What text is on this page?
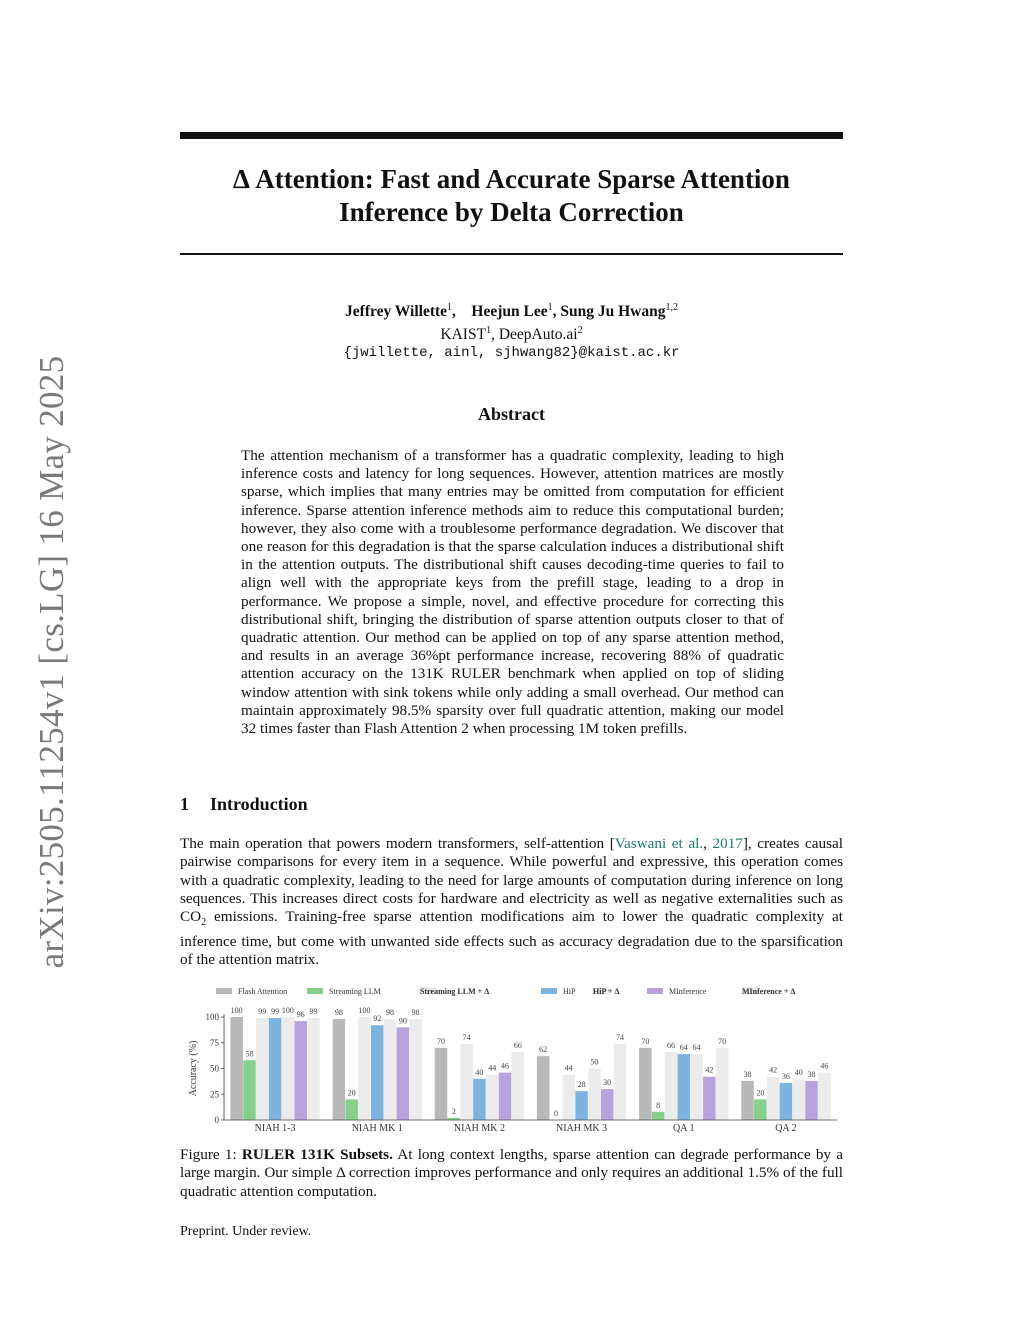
arXiv:2505.11254v1 [cs.LG] 16 May 2025
Δ Attention: Fast and Accurate Sparse Attention
Inference by Delta Correction
Jeffrey Willette$^1$,    Heejun Lee$^1$, Sung Ju Hwang$^{1,2}$
KAIST$^1$, $DeepAuto.ai^2$
{jwillette, ainl, sjhwang82}@kaist.ac.kr
Abstract
The attention mechanism of a transformer has a quadratic complexity, leading to high inference costs and latency for long sequences. However, attention matrices are mostly sparse, which implies that many entries may be omitted from computation for efficient inference. Sparse attention inference methods aim to reduce this computational burden; however, they also come with a troublesome performance degradation. We discover that one reason for this degradation is that the sparse calculation induces a distributional shift in the attention outputs. The distributional shift causes decoding-time queries to fail to align well with the appropriate keys from the prefill stage, leading to a drop in performance. We propose a simple, novel, and effective procedure for correcting this distributional shift, bringing the distribution of sparse attention outputs closer to that of quadratic attention. Our method can be applied on top of any sparse attention method, and results in an average 36%pt performance increase, recovering 88% of quadratic attention accuracy on the 131K RULER benchmark when applied on top of sliding window attention with sink tokens while only adding a small overhead. Our method can maintain approximately 98.5% sparsity over full quadratic attention, making our model 32 times faster than Flash Attention 2 when processing 1M token prefills.
1 Introduction
The main operation that powers modern transformers, self-attention [Vaswani et al., 2017], creates causal pairwise comparisons for every item in a sequence. While powerful and expressive, this operation comes with a quadratic complexity, leading to the need for large amounts of computation during inference on long sequences. This increases direct costs for hardware and electricity as well as negative externalities such as $CO_2$ emissions. Training-free sparse attention modifications aim to lower the quadratic complexity at inference time, but come with unwanted side effects such as accuracy degradation due to the sparsification of the attention matrix.
Flash Attention	Streaming LLM	Streaming LLM + Δ	HiP HiP + Δ	MInference	MInference + Δ
0
25
50
75
100
Accuracy (%)
100
58
99 99 100 96 99
NIAH 1-3
98
20
100
92
98
90
98
NIAH MK 1
70
2
74
40 44 46
66
NIAH MK 2
62
0
44
28
50
30
74
NIAH MK 3
70
8
66 64 64
42
70
QA 1
38
20
42
36 40 38
46
QA 2
Figure 1: RULER 131K Subsets. At long context lengths, sparse attention can degrade performance by a large margin. Our simple Δ correction improves performance and only requires an additional 1.5% of the full quadratic attention computation.
Preprint. Under review.
